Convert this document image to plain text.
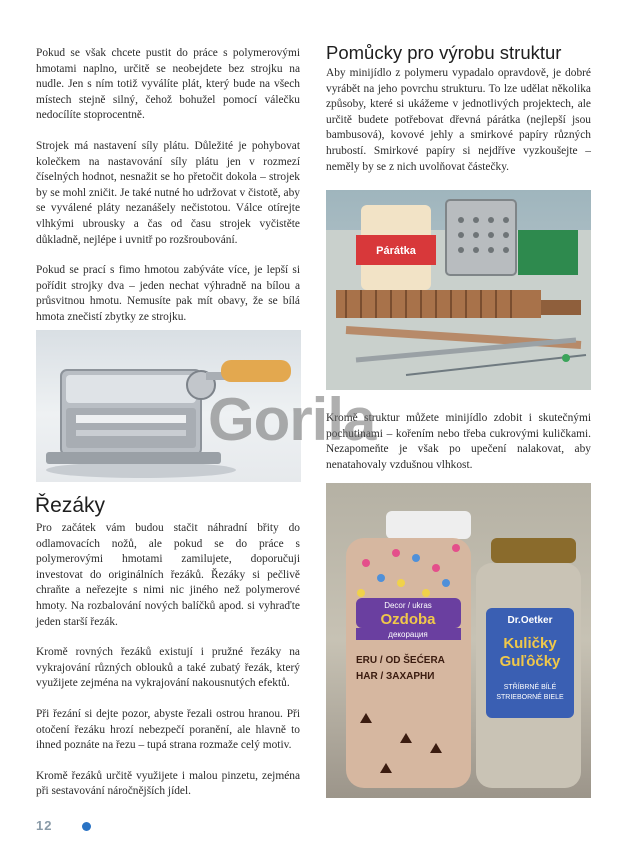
Pokud se však chcete pustit do práce s polymerovými hmotami naplno, určitě se neobejdete bez strojku na nudle. Jen s ním totiž vyválíte plát, který bude na všech místech stejně silný, čehož bohužel pomocí válečku nedocílíte stoprocentně.

Strojek má nastavení síly plátu. Důležité je pohybovat kolečkem na nastavování síly plátu jen v rozmezí číselných hodnot, nesnažit se ho přetočit dokola – strojek by se mohl zničit. Je také nutné ho udržovat v čistotě, aby se vyválené pláty nezanášely nečistotou. Válce otírejte vlhkými ubrousky a čas od času strojek vyčistěte důkladně, nejlépe i uvnitř po rozšroubování.

Pokud se prací s fimo hmotou zabýváte více, je lepší si pořídit strojky dva – jeden nechat výhradně na bílou a průsvitnou hmotu. Nemusíte pak mít obavy, že se bílá hmota znečistí zbytky ze strojku.

Řezáky

Pro začátek vám budou stačit náhradní břity do odlamovacích nožů, ale pokud se do práce s polymerovými hmotami zamilujete, doporučuji investovat do originálních řezáků. Řezáky si pečlivě chraňte a neřezejte s nimi nic jiného než polymerové hmoty. Na rozbalování nových balíčků apod. si vyhraďte jeden starší řezák.

Kromě rovných řezáků existují i pružné řezáky na vykrajování různých oblouků a také zubatý řezák, který využijete zejména na vykrajování nakousnutých efektů.

Při řezání si dejte pozor, abyste řezali ostrou hranou. Při otočení řezáku hrozí nebezpečí poranění, ale hlavně to ihned poznáte na řezu – tupá strana rozmaže celý motiv.

Kromě řezáků určitě využijete i malou pinzetu, zejména při sestavování náročnějších jídel.

Pomůcky pro výrobu struktur

Aby minijídlo z polymeru vypadalo opravdově, je dobré vyrábět na jeho povrchu strukturu. To lze udělat několika způsoby, které si ukážeme v jednotlivých projektech, ale určitě budete potřebovat dřevná párátka (nejlepší jsou bambusová), kovové jehly a smirkové papíry různých hrubostí. Smirkové papíry si nejdříve vyzkoušejte – neměly by se z nich uvolňovat částečky.

Párátka

Kromě struktur můžete minijídlo zdobit i skutečnými pochutinami – kořením nebo třeba cukrovými kuličkami. Nezapomeňte je však po upečení nalakovat, aby nenatahovaly vzdušnou vlhkost.

Decor / ukras
Ozdoba
декорация
ERU / OD ŠEĆERA
HAR / ЗАХАРНИ
Dr.Oetker
Kuličky
Guľôčky
STŘÍBRNÉ BÍLÉ
STRIEBORNÉ BIELE
Gorila
12
